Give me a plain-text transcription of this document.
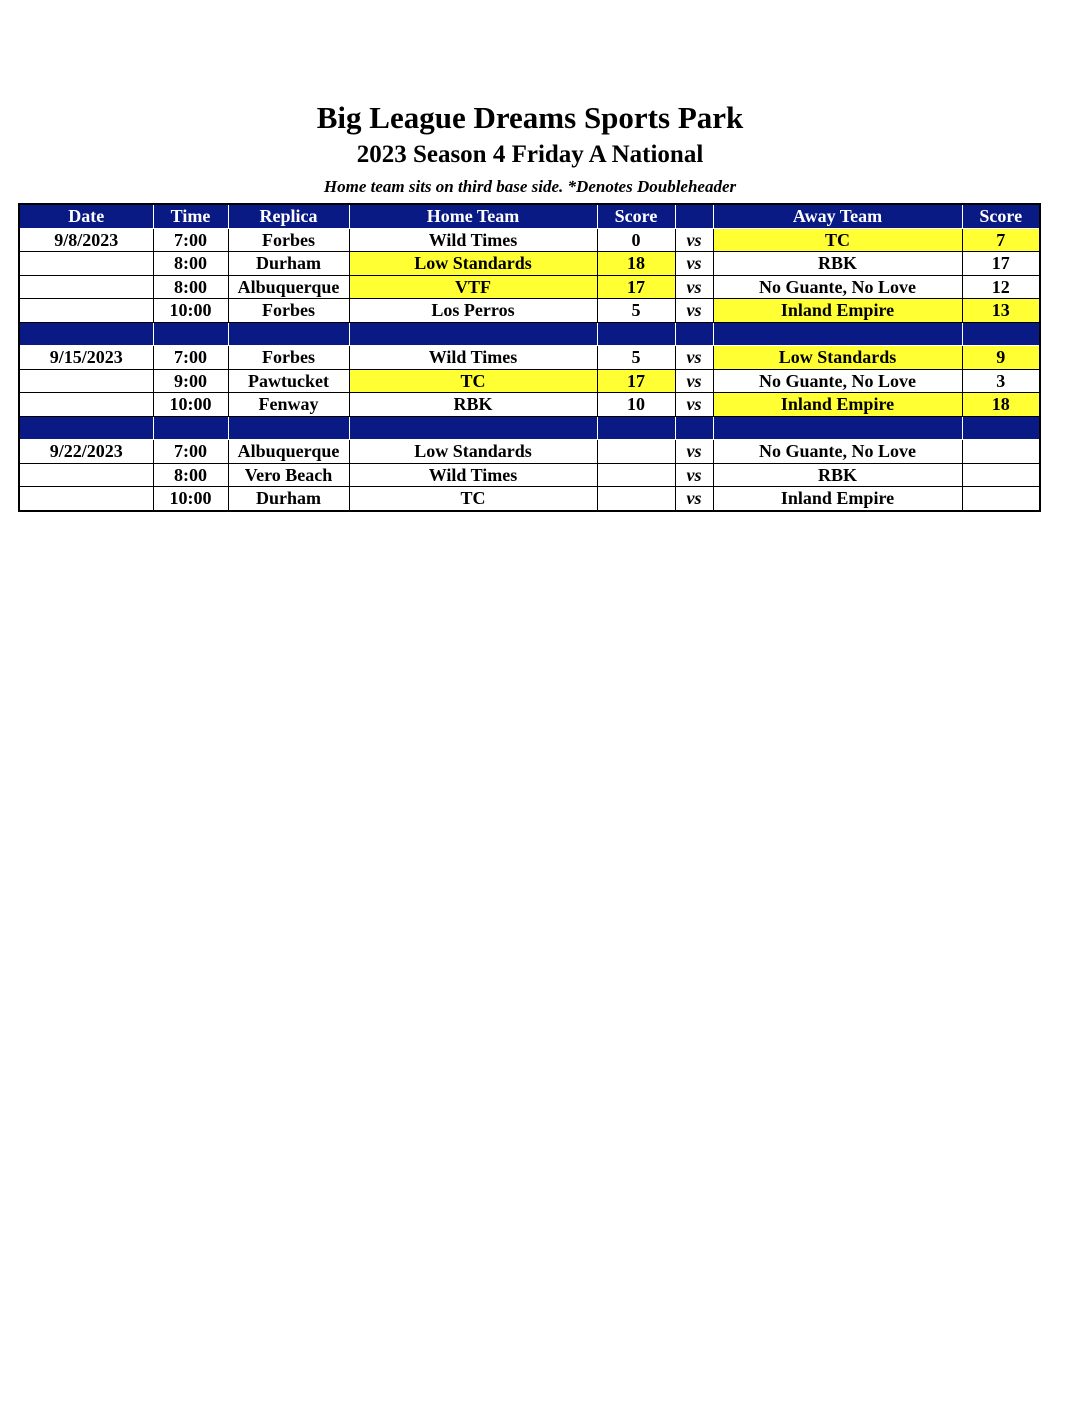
Big League Dreams Sports Park
2023 Season 4 Friday A National
Home team sits on third base side. *Denotes Doubleheader
Date	Time	Replica	Home Team	Score		Away Team	Score
9/8/2023	7:00	Forbes	Wild Times	0	vs	TC	7
	8:00	Durham	Low Standards	18	vs	RBK	17
	8:00	Albuquerque	VTF	17	vs	No Guante, No Love	12
	10:00	Forbes	Los Perros	5	vs	Inland Empire	13

9/15/2023	7:00	Forbes	Wild Times	5	vs	Low Standards	9
	9:00	Pawtucket	TC	17	vs	No Guante, No Love	3
	10:00	Fenway	RBK	10	vs	Inland Empire	18

9/22/2023	7:00	Albuquerque	Low Standards		vs	No Guante, No Love	
	8:00	Vero Beach	Wild Times		vs	RBK	
	10:00	Durham	TC		vs	Inland Empire	
